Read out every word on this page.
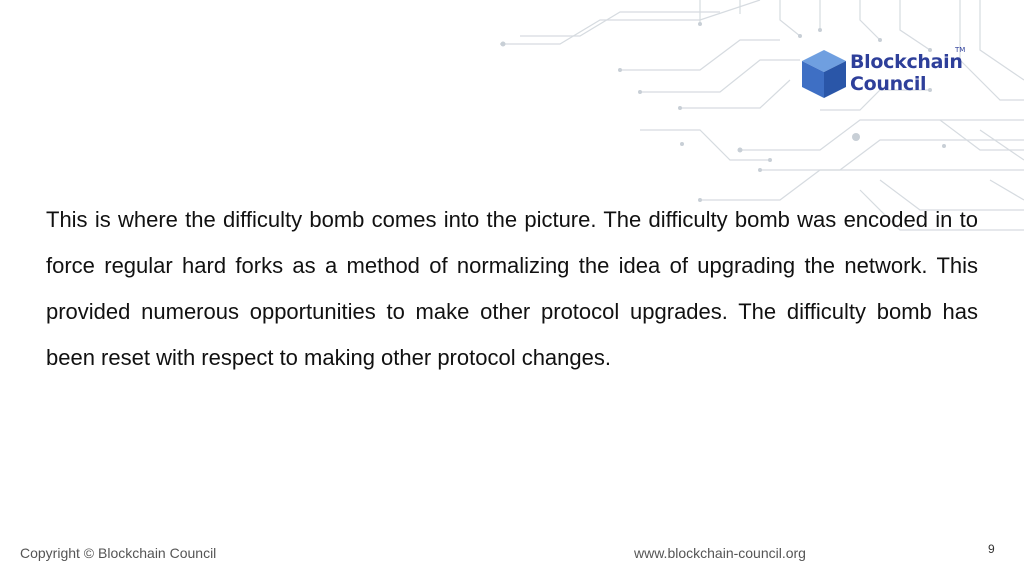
Blockchain
Council
TM
This is where the difficulty bomb comes into the picture. The difficulty bomb was encoded in to force regular hard forks as a method of normalizing the idea of upgrading the network. This provided numerous opportunities to make other protocol upgrades. The difficulty bomb has been reset with respect to making other protocol changes.
Copyright © Blockchain Council	www.blockchain-council.org	9
